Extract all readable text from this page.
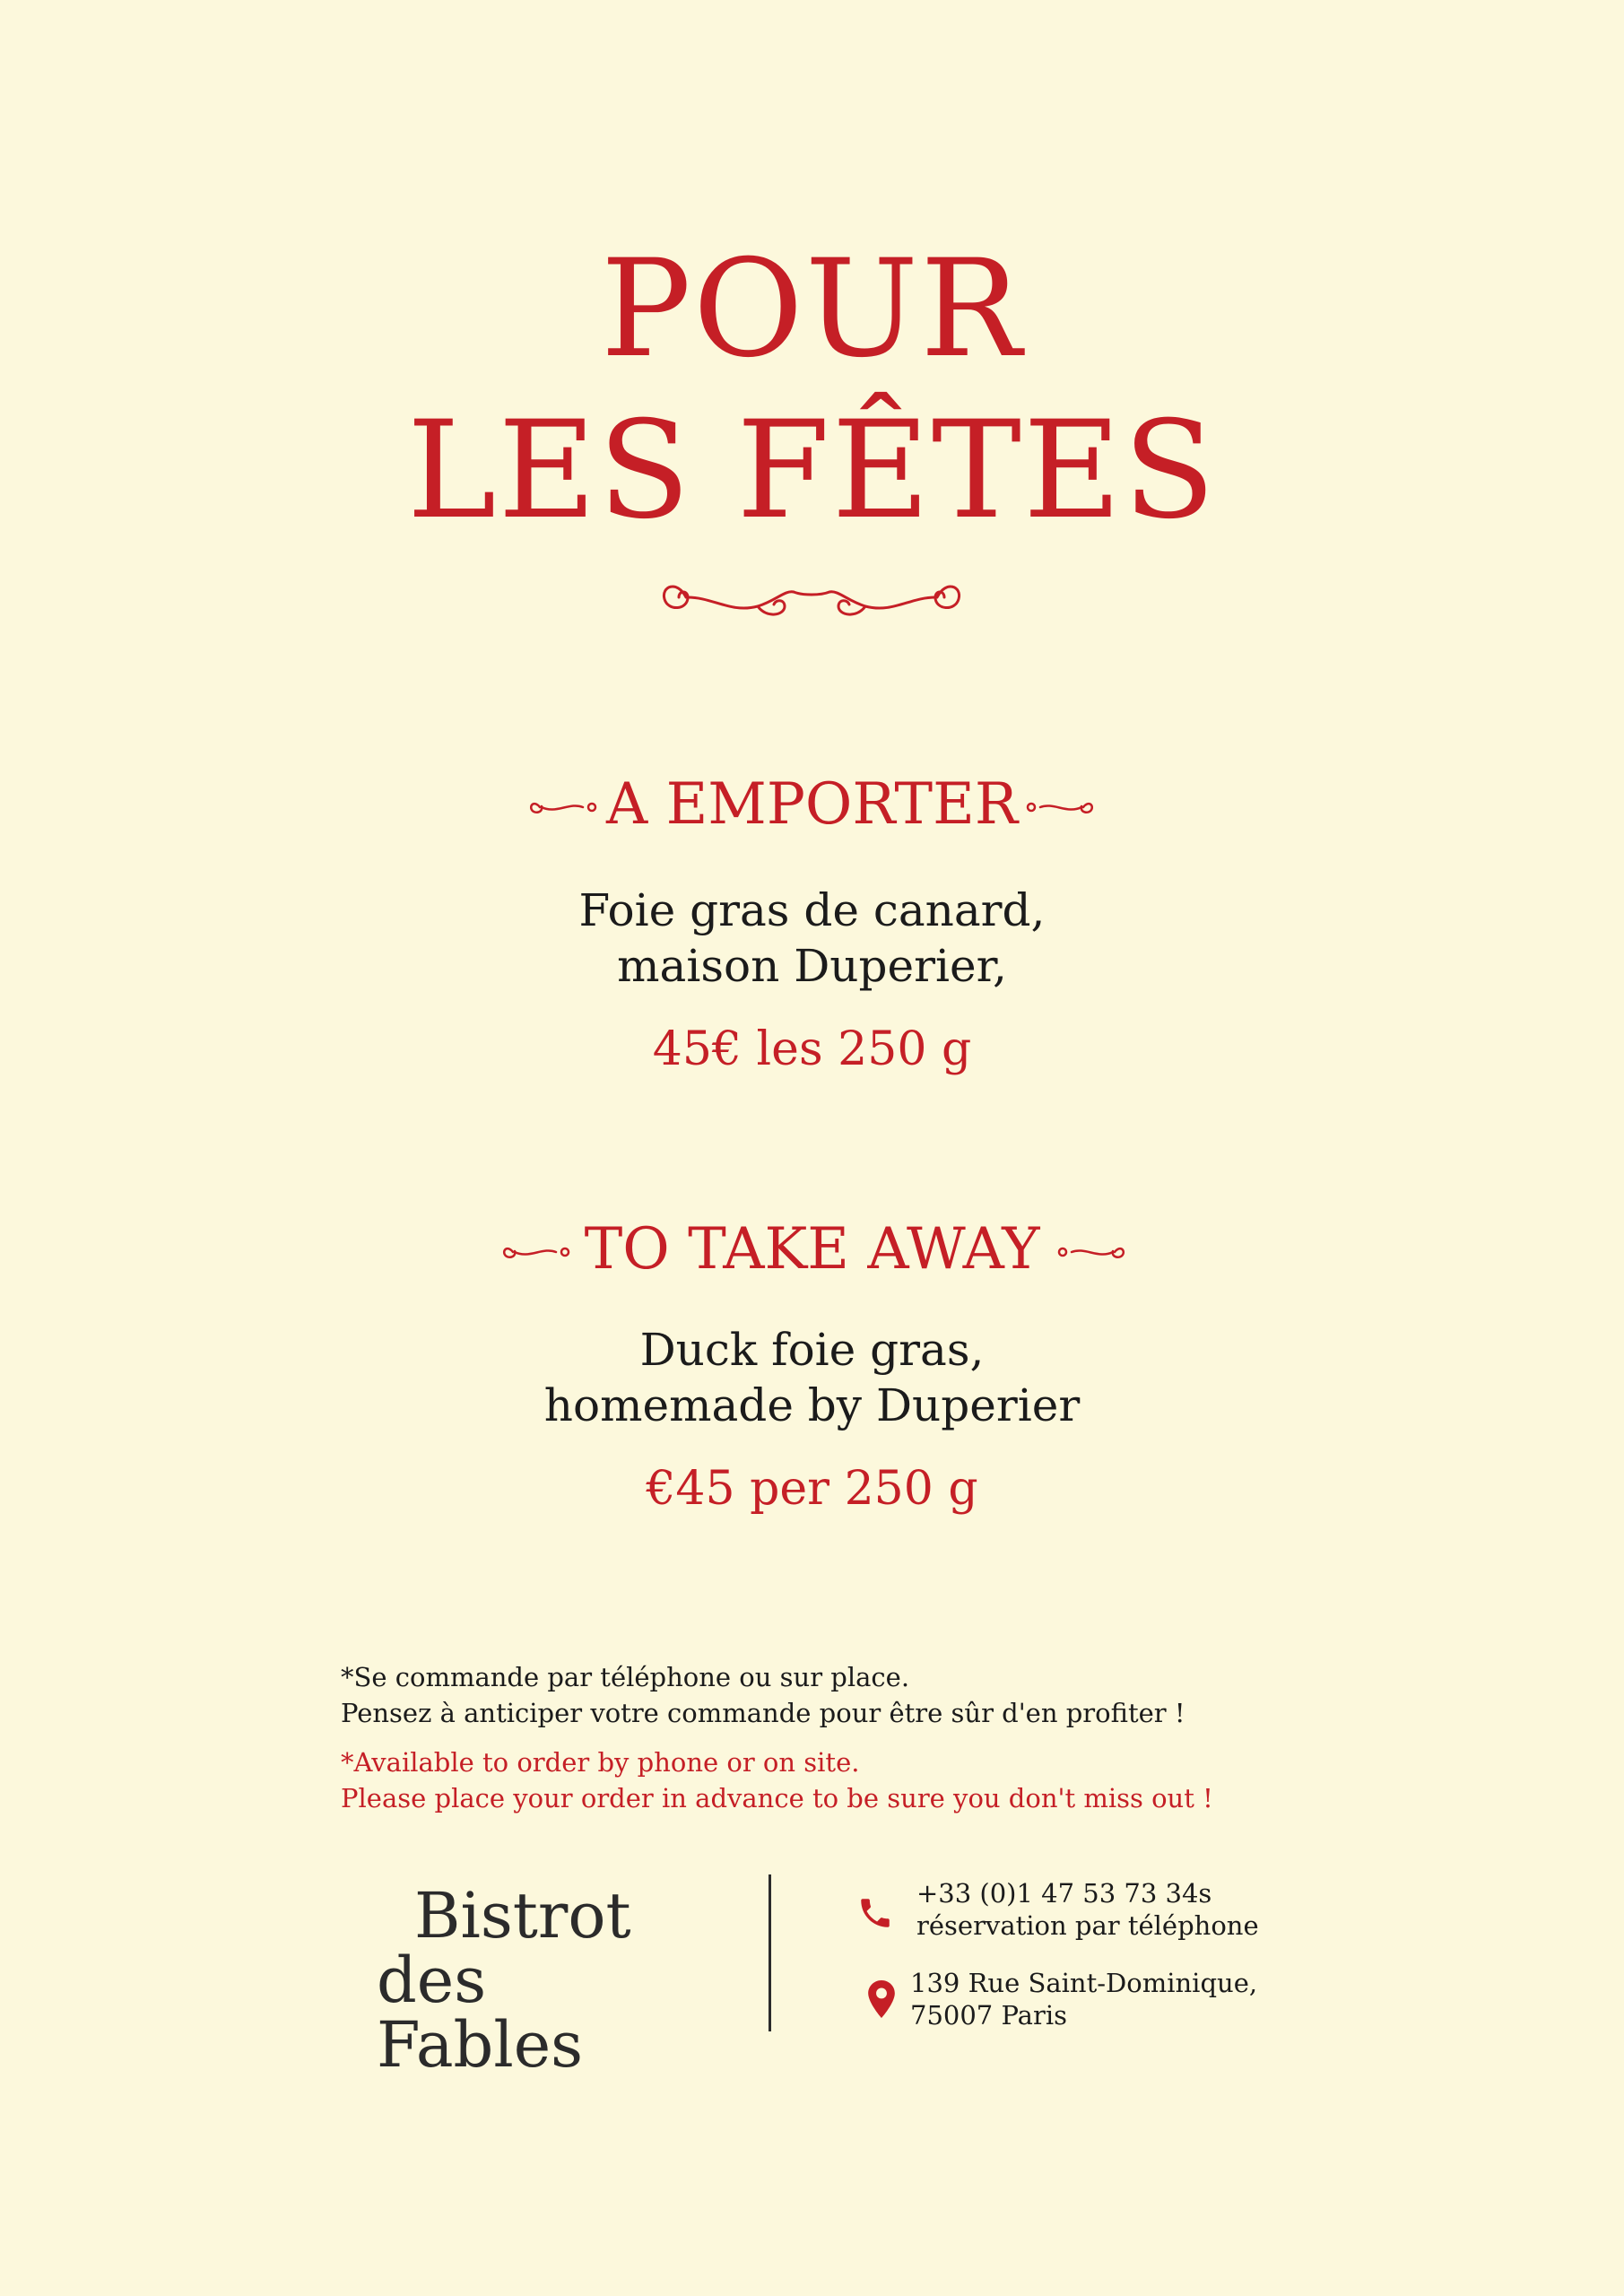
POUR
LES FÊTES
A EMPORTER
Foie gras de canard,
maison Duperier,
45€ les 250 g
TO TAKE AWAY
Duck foie gras,
homemade by Duperier
€45 per 250 g
*Se commande par téléphone ou sur place.
Pensez à anticiper votre commande pour être sûr d'en profiter !
*Available to order by phone or on site.
Please place your order in advance to be sure you don't miss out !
Bistrot
des Fables
+33 (0)1 47 53 73 34s
réservation par téléphone
139 Rue Saint-Dominique,
75007 Paris
